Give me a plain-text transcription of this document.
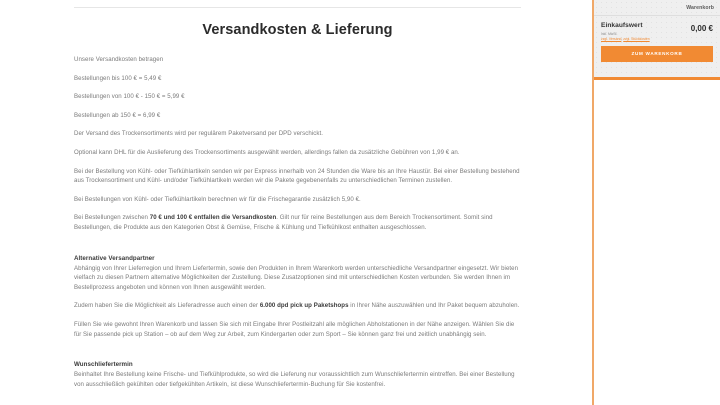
Versandkosten & Lieferung

Unsere Versandkosten betragen

Bestellungen bis 100 € = 5,49 €

Bestellungen von 100 € - 150 € = 5,99 €

Bestellungen ab 150 € = 6,99 €

Der Versand des Trockensortiments wird per regulärem Paketversand per DPD verschickt.

Optional kann DHL für die Auslieferung des Trockensortiments ausgewählt werden, allerdings fallen da zusätzliche Gebühren von 1,99 € an.

Bei der Bestellung von Kühl- oder Tiefkühlartikeln senden wir per Express innerhalb von 24 Stunden die Ware bis an Ihre Haustür. Bei einer Bestellung bestehend aus Trockensortiment und Kühl- und/oder Tiefkühlartikeln werden wir die Pakete gegebenenfalls zu unterschiedlichen Terminen zustellen.

Bei Bestellungen von Kühl- oder Tiefkühlartikeln berechnen wir für die Frischegarantie zusätzlich 5,90 €.

Bei Bestellungen zwischen 70 € und 100 € entfallen die Versandkosten. Gilt nur für reine Bestellungen aus dem Bereich Trockensortiment. Somit sind Bestellungen, die Produkte aus den Kategorien Obst & Gemüse, Frische & Kühlung und Tiefkühlkost enthalten ausgeschlossen.

Alternative Versandpartner

Abhängig von Ihrer Lieferregion und Ihrem Liefertermin, sowie den Produkten in Ihrem Warenkorb werden unterschiedliche Versandpartner eingesetzt. Wir bieten vielfach zu diesen Partnern alternative Möglichkeiten der Zustellung. Diese Zusatzoptionen sind mit unterschiedlichen Kosten verbunden. Sie werden Ihnen im Bestellprozess angeboten und können von Ihnen ausgewählt werden.

Zudem haben Sie die Möglichkeit als Lieferadresse auch einen der 6.000 dpd pick up Paketshops in Ihrer Nähe auszuwählen und Ihr Paket bequem abzuholen.

Füllen Sie wie gewohnt Ihren Warenkorb und lassen Sie sich mit Eingabe Ihrer Postleitzahl alle möglichen Abholstationen in der Nähe anzeigen. Wählen Sie die für Sie passende pick up Station – ob auf dem Weg zur Arbeit, zum Kindergarten oder zum Sport – Sie können ganz frei und zeitlich unabhängig sein.

Wunschliefertermin

Beinhaltet Ihre Bestellung keine Frische- und Tiefkühlprodukte, so wird die Lieferung nur voraussichtlich zum Wunschliefertermin eintreffen. Bei einer Bestellung von ausschließlich gekühlten oder tiefgekühlten Artikeln, ist diese Wunschliefertermin-Buchung für Sie kostenfrei.

Warenkorb
Einkaufswert
inkl. MwSt.
zzgl. Versand, zzgl. Stückkosten
0,00 €
ZUM WARENKORB
